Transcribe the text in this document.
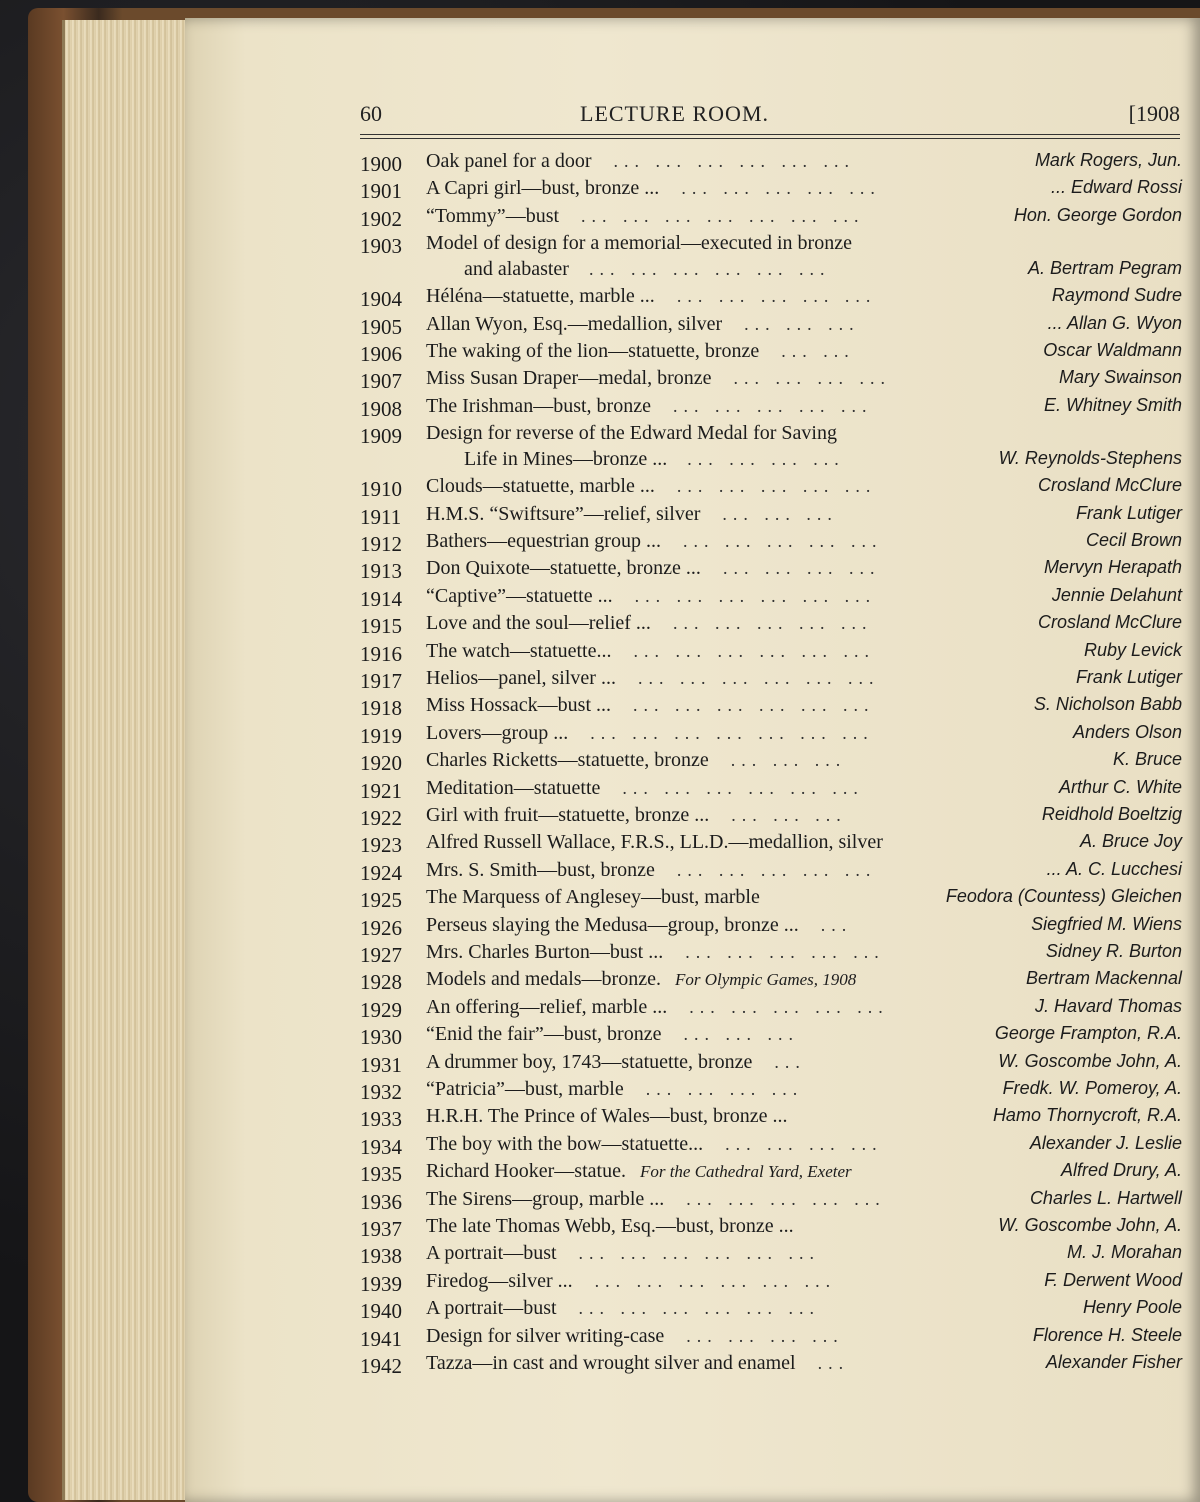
60	LECTURE ROOM.	[1908
1900 Oak panel for a door ... ... ... ... ... ...	Mark Rogers, Jun.
1901 A Capri girl—bust, bronze ... ... ... ... ... ...	... Edward Rossi
1902 “Tommy”—bust ... ... ... ... ... ... ...	Hon. George Gordon
1903 Model of design for a memorial—executed in bronze
and alabaster ... ... ... ... ... ...	A. Bertram Pegram
1904 Héléna—statuette, marble ... ... ... ... ... ...	Raymond Sudre
1905 Allan Wyon, Esq.—medallion, silver ... ... ...	... Allan G. Wyon
1906 The waking of the lion—statuette, bronze ... ...	Oscar Waldmann
1907 Miss Susan Draper—medal, bronze ... ... ... ...	Mary Swainson
1908 The Irishman—bust, bronze ... ... ... ... ...	E. Whitney Smith
1909 Design for reverse of the Edward Medal for Saving
Life in Mines—bronze ... ... ... ... ...	W. Reynolds-Stephens
1910 Clouds—statuette, marble ... ... ... ... ... ...	Crosland McClure
1911 H.M.S. “Swiftsure”—relief, silver ... ... ...	Frank Lutiger
1912 Bathers—equestrian group ... ... ... ... ... ...	Cecil Brown
1913 Don Quixote—statuette, bronze ... ... ... ... ...	Mervyn Herapath
1914 “Captive”—statuette ... ... ... ... ... ... ...	Jennie Delahunt
1915 Love and the soul—relief ... ... ... ... ... ...	Crosland McClure
1916 The watch—statuette... ... ... ... ... ... ...	Ruby Levick
1917 Helios—panel, silver ... ... ... ... ... ... ...	Frank Lutiger
1918 Miss Hossack—bust ... ... ... ... ... ... ...	S. Nicholson Babb
1919 Lovers—group ... ... ... ... ... ... ... ...	Anders Olson
1920 Charles Ricketts—statuette, bronze ... ... ...	K. Bruce
1921 Meditation—statuette ... ... ... ... ... ...	Arthur C. White
1922 Girl with fruit—statuette, bronze ... ... ... ...	Reidhold Boeltzig
1923 Alfred Russell Wallace, F.R.S., LL.D.—medallion, silver	A. Bruce Joy
1924 Mrs. S. Smith—bust, bronze ... ... ... ... ...	... A. C. Lucchesi
1925 The Marquess of Anglesey—bust, marble	Feodora (Countess) Gleichen
1926 Perseus slaying the Medusa—group, bronze ... ...	Siegfried M. Wiens
1927 Mrs. Charles Burton—bust ... ... ... ... ... ...	Sidney R. Burton
1928 Models and medals—bronze. For Olympic Games, 1908	Bertram Mackennal
1929 An offering—relief, marble ... ... ... ... ... ...	J. Havard Thomas
1930 “Enid the fair”—bust, bronze ... ... ...	George Frampton, R.A.
1931 A drummer boy, 1743—statuette, bronze ...	W. Goscombe John, A.
1932 “Patricia”—bust, marble ... ... ... ...	Fredk. W. Pomeroy, A.
1933 H.R.H. The Prince of Wales—bust, bronze ...	Hamo Thornycroft, R.A.
1934 The boy with the bow—statuette... ... ... ... ...	Alexander J. Leslie
1935 Richard Hooker—statue. For the Cathedral Yard, Exeter	Alfred Drury, A.
1936 The Sirens—group, marble ... ... ... ... ... ...	Charles L. Hartwell
1937 The late Thomas Webb, Esq.—bust, bronze ...	W. Goscombe John, A.
1938 A portrait—bust ... ... ... ... ... ...	M. J. Morahan
1939 Firedog—silver ... ... ... ... ... ... ...	F. Derwent Wood
1940 A portrait—bust ... ... ... ... ... ...	Henry Poole
1941 Design for silver writing-case ... ... ... ...	Florence H. Steele
1942 Tazza—in cast and wrought silver and enamel ...	Alexander Fisher
